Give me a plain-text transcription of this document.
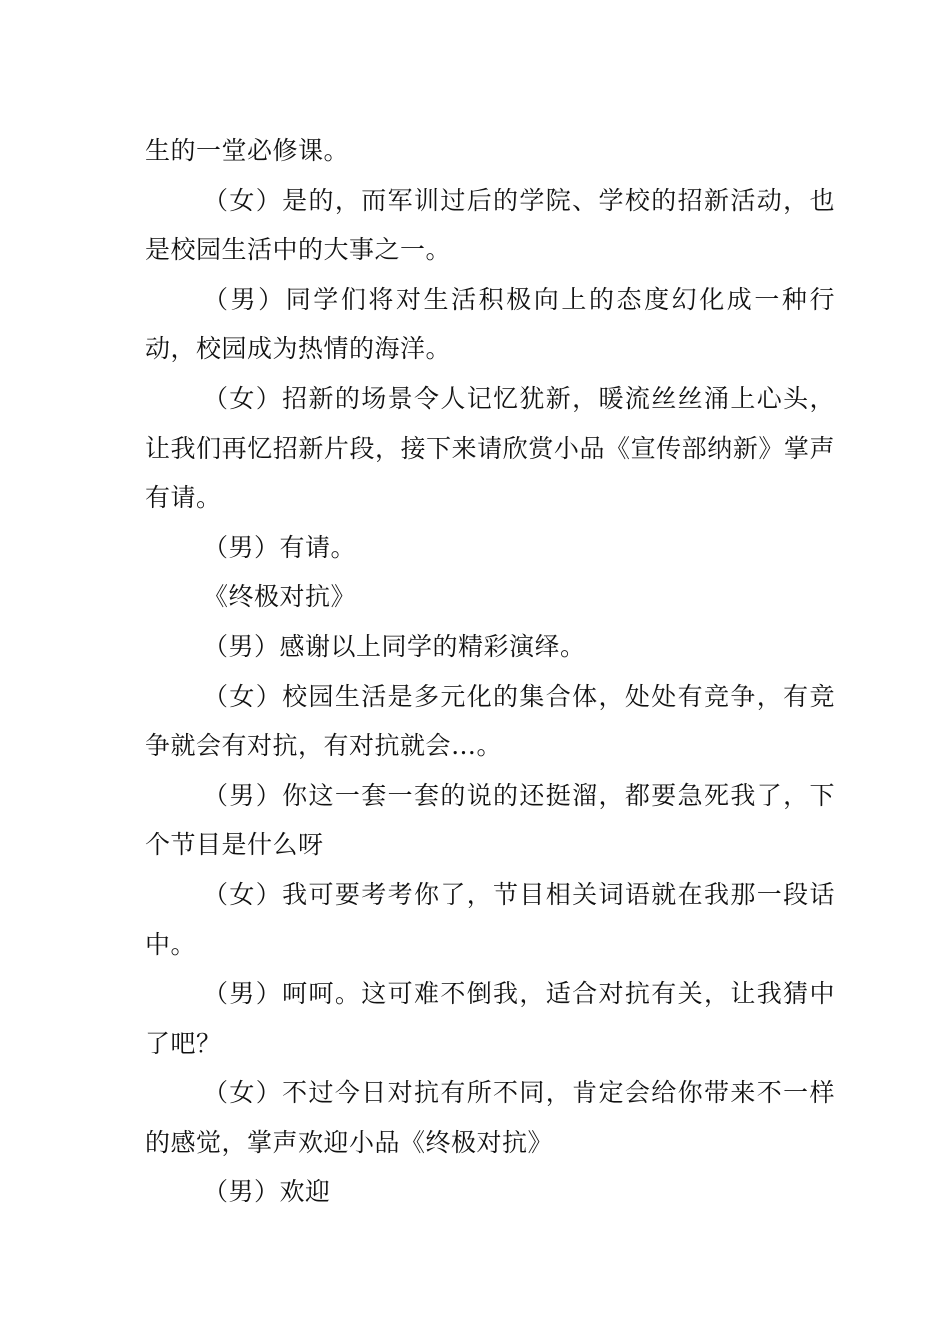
生的一堂必修课。

（女）是的，而军训过后的学院、学校的招新活动，也是校园生活中的大事之一。

（男）同学们将对生活积极向上的态度幻化成一种行动，校园成为热情的海洋。

（女）招新的场景令人记忆犹新，暖流丝丝涌上心头，让我们再忆招新片段，接下来请欣赏小品《宣传部纳新》掌声有请。

（男）有请。

《终极对抗》

（男）感谢以上同学的精彩演绎。

（女）校园生活是多元化的集合体，处处有竞争，有竞争就会有对抗，有对抗就会…。

（男）你这一套一套的说的还挺溜，都要急死我了，下个节目是什么呀

（女）我可要考考你了，节目相关词语就在我那一段话中。

（男）呵呵。这可难不倒我，适合对抗有关，让我猜中了吧？

（女）不过今日对抗有所不同，肯定会给你带来不一样的感觉，掌声欢迎小品《终极对抗》

（男）欢迎
